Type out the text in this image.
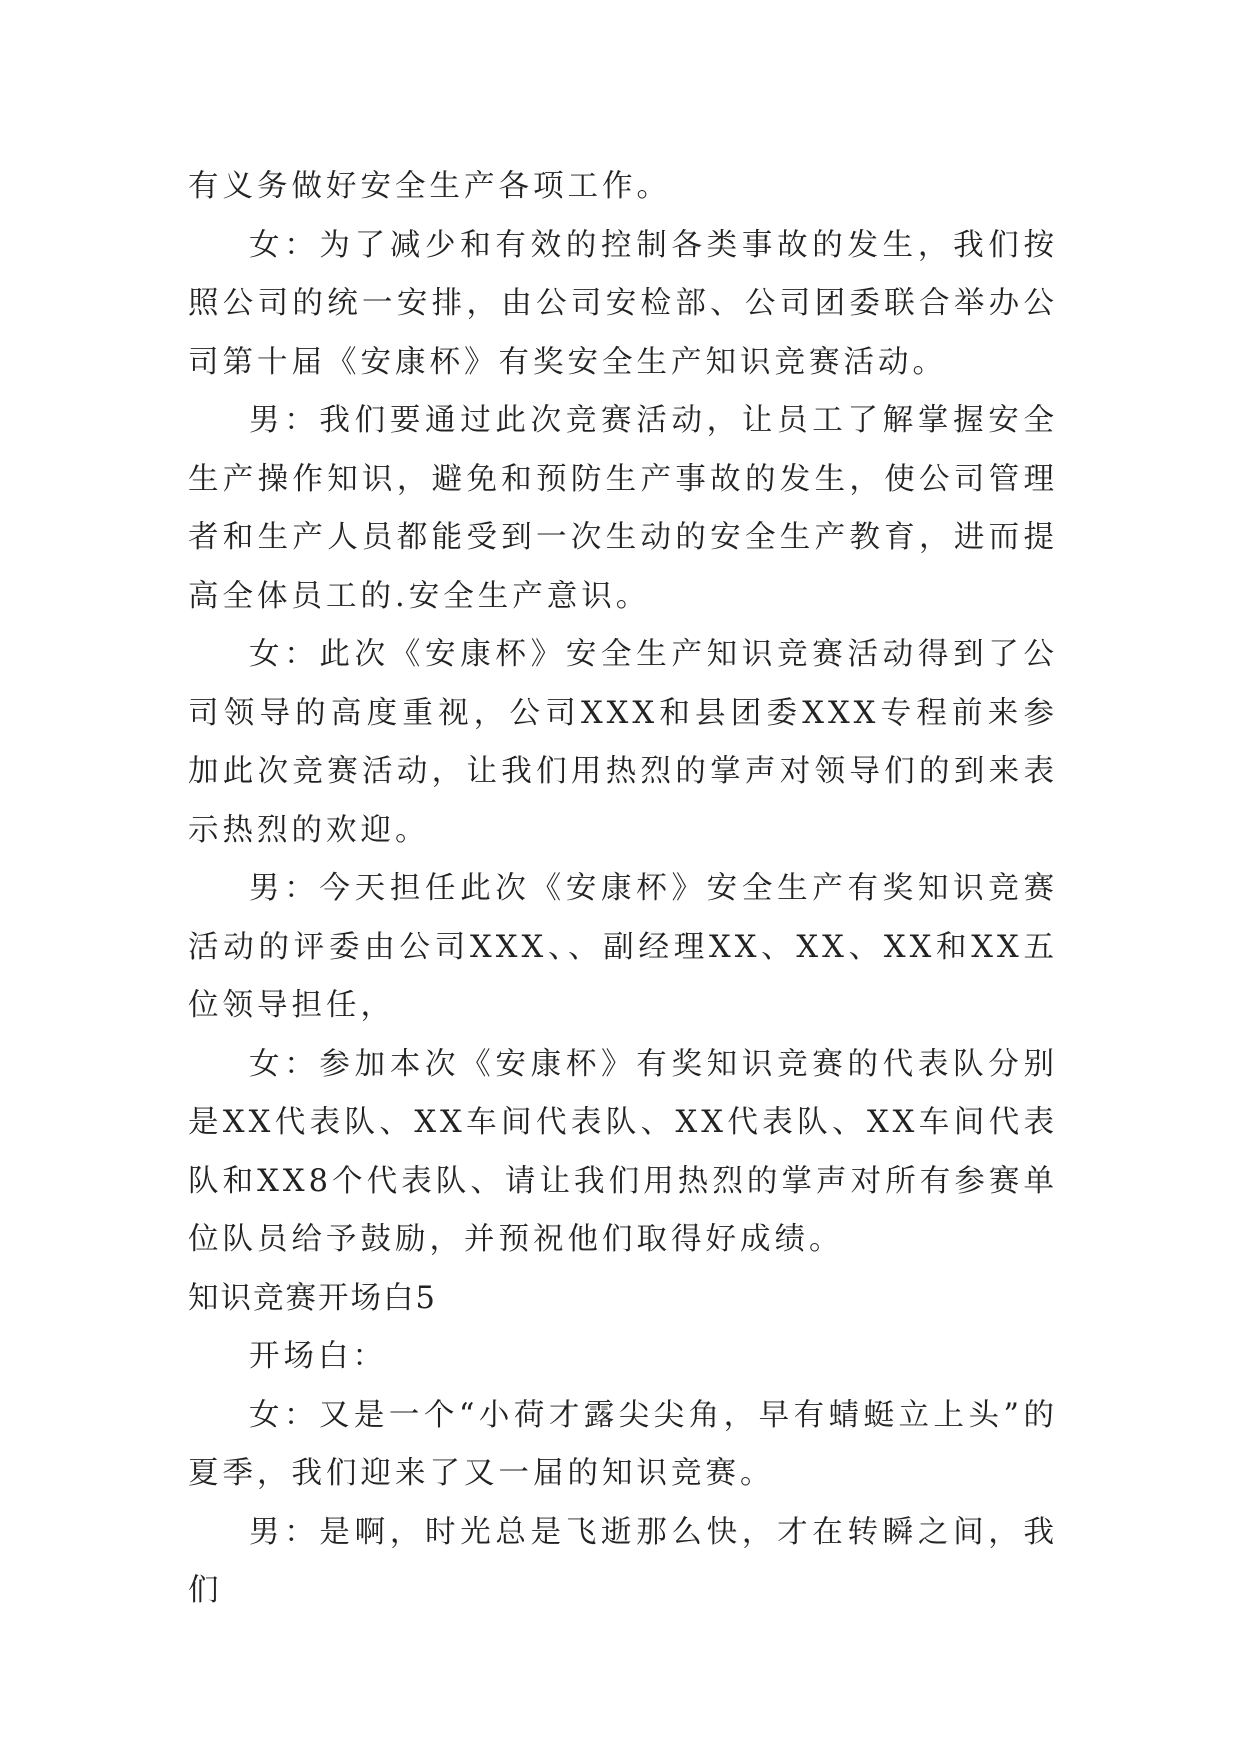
有义务做好安全生产各项工作。

女：为了减少和有效的控制各类事故的发生，我们按照公司的统一安排，由公司安检部、公司团委联合举办公司第十届《安康杯》有奖安全生产知识竞赛活动。

男：我们要通过此次竞赛活动，让员工了解掌握安全生产操作知识，避免和预防生产事故的发生，使公司管理者和生产人员都能受到一次生动的安全生产教育，进而提高全体员工的.安全生产意识。

女：此次《安康杯》安全生产知识竞赛活动得到了公司领导的高度重视，公司XXX和县团委XXX专程前来参加此次竞赛活动，让我们用热烈的掌声对领导们的到来表示热烈的欢迎。

男：今天担任此次《安康杯》安全生产有奖知识竞赛活动的评委由公司XXX、、副经理XX、XX、XX和XX五位领导担任，

女：参加本次《安康杯》有奖知识竞赛的代表队分别是XX代表队、XX车间代表队、XX代表队、XX车间代表队和XX8个代表队、请让我们用热烈的掌声对所有参赛单位队员给予鼓励，并预祝他们取得好成绩。

知识竞赛开场白5

开场白：

女：又是一个“小荷才露尖尖角，早有蜻蜓立上头”的夏季，我们迎来了又一届的知识竞赛。

男：是啊，时光总是飞逝那么快，才在转瞬之间，我们
